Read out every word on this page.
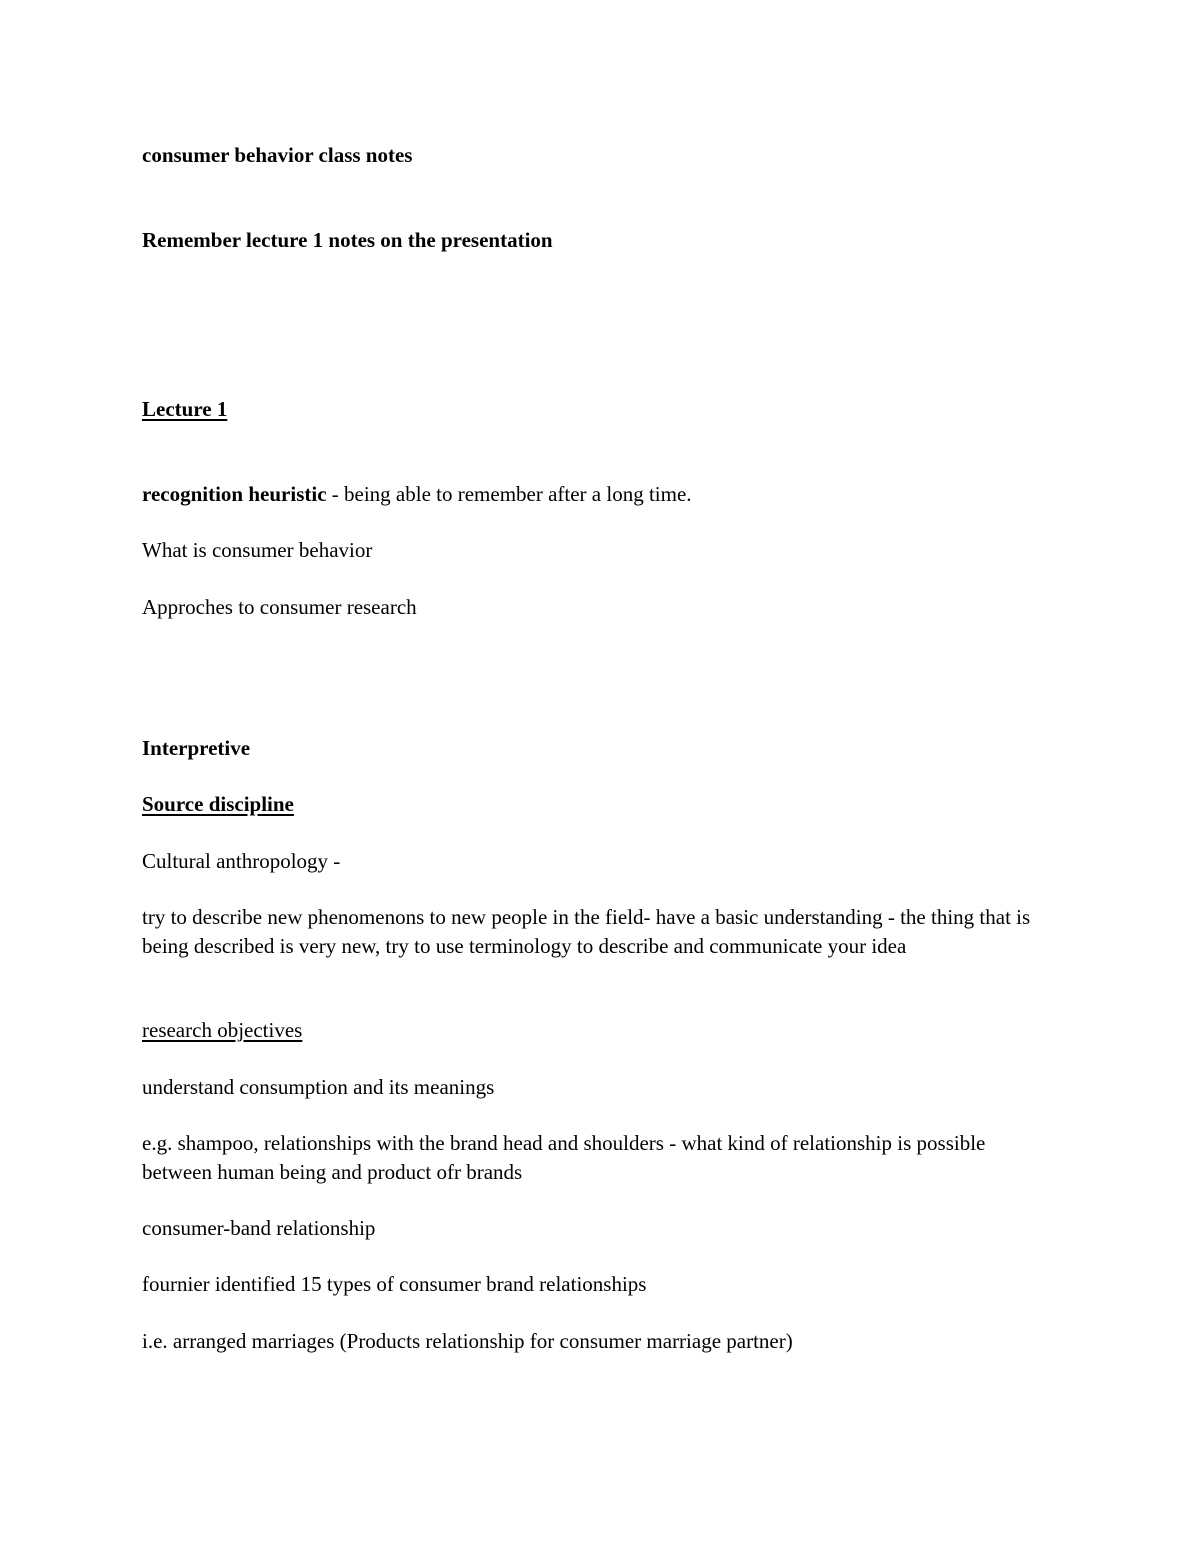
consumer behavior class notes

Remember lecture 1 notes on the presentation

Lecture 1

recognition heuristic - being able to remember after a long time.

What is consumer behavior

Approches to consumer research

Interpretive

Source discipline

Cultural anthropology -

try to describe new phenomenons to new people in the field- have a basic understanding - the thing that is being described is very new, try to use terminology to describe and communicate your idea

research objectives

understand consumption and its meanings

e.g. shampoo, relationships with the brand head and shoulders - what kind of relationship is possible between human being and product ofr brands

consumer-band relationship

fournier identified 15 types of consumer brand relationships

i.e. arranged marriages (Products relationship for consumer marriage partner)
